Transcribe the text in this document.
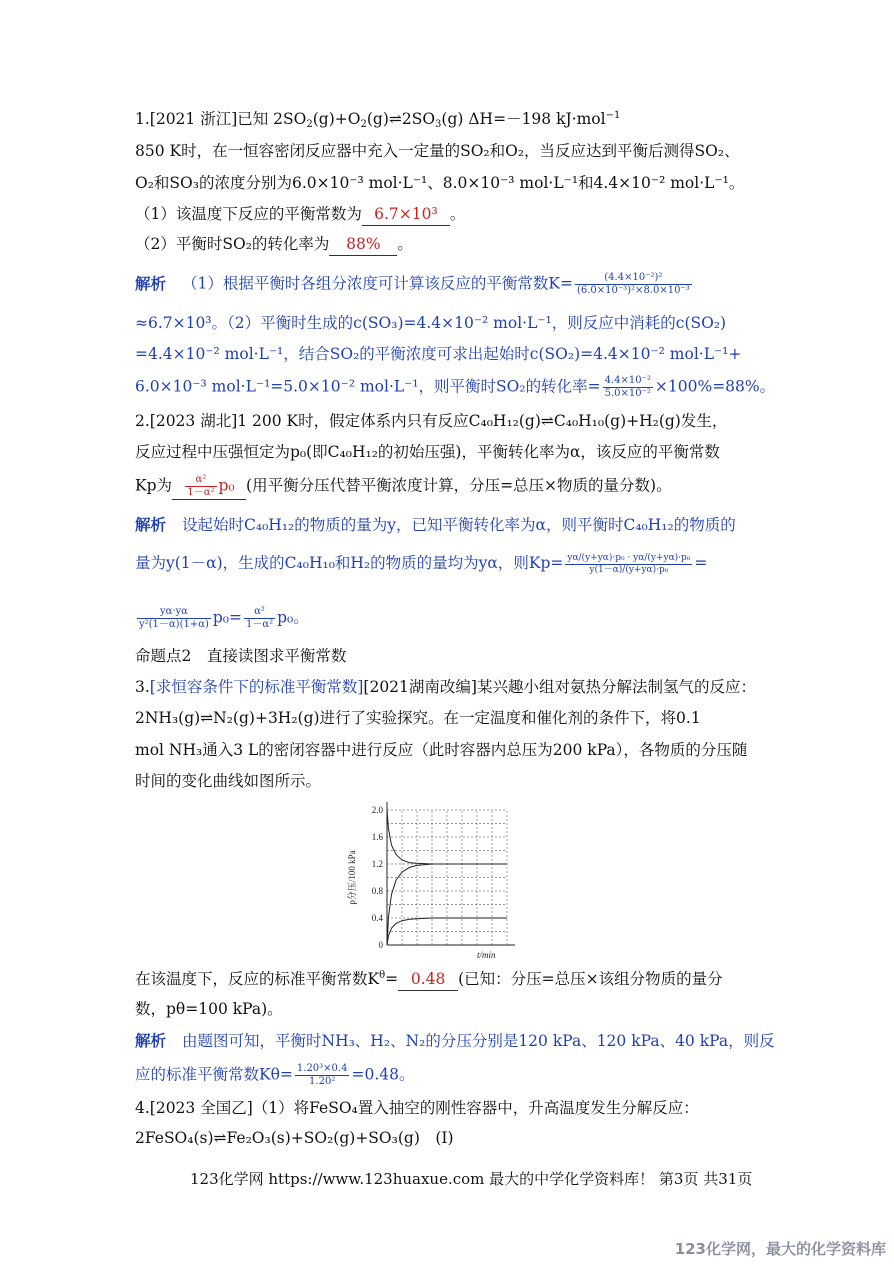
1.[2021 浙江]已知 $2SO_2(g)+O_2(g)\rightleftharpoons 2SO_3(g)$ ΔH=－198 kJ·mol$^{-1}$
850 K时，在一恒容密闭反应器中充入一定量的SO₂和O₂，当反应达到平衡后测得SO₂、
O₂和SO₃的浓度分别为6.0×10⁻³ mol·L⁻¹、8.0×10⁻³ mol·L⁻¹和4.4×10⁻² mol·L⁻¹。
（1）该温度下反应的平衡常数为 6.7×10³ 。
（2）平衡时SO₂的转化率为 88% 。
解析 （1）根据平衡时各组分浓度可计算该反应的平衡常数$K= \frac{\text{(4.4×10⁻²)²}}{\text{(6.0×10⁻³)²×8.0×10⁻³}}$
≈6.7×10³。（2）平衡时生成的c(SO₃)=4.4×10⁻² mol·L⁻¹，则反应中消耗的c(SO₂)
=4.4×10⁻² mol·L⁻¹，结合SO₂的平衡浓度可求出起始时c(SO₂)=4.4×10⁻² mol·L⁻¹+
6.0×10⁻³ mol·L⁻¹=5.0×10⁻² mol·L⁻¹，则平衡时SO₂的转化率= $\frac{\text{4.4×10⁻²}}{\text{5.0×10⁻²}} \times 100\%=88\%$。
2.[2023 湖北]1 200 K时，假定体系内只有反应C₄₀H₁₂(g)⇌C₄₀H₁₀(g)+H₂(g)发生，
反应过程中压强恒定为p₀(即C₄₀H₁₂的初始压强)，平衡转化率为α，该反应的平衡常数
Kp为 $\frac{\text{α²}}{\text{1－α²}} p_0$ (用平衡分压代替平衡浓度计算，分压=总压×物质的量分数)。
解析 设起始时C₄₀H₁₂的物质的量为y，已知平衡转化率为α，则平衡时C₄₀H₁₂的物质的
量为y(1－α)，生成的C₄₀H₁₀和H₂的物质的量均为yα，则$Kp= \frac{\text{yα/(y+yα)·p₀ · yα/(y+yα)·p₀}}{\text{y(1－α)/(y+yα)·p₀}}$ =
$\frac{y\alpha\cdot y\alpha}{\text{y²(1－α)(1+α)}} p_0= \frac{\text{α²}}{\text{1－α²}} p_0$。
命题点2　直接读图求平衡常数
3.[求恒容条件下的标准平衡常数][2021湖南改编]某兴趣小组对氨热分解法制氢气的反应：
2NH₃(g)⇌N₂(g)+3H₂(g)进行了实验探究。在一定温度和催化剂的条件下，将0.1
mol NH₃通入3 L的密闭容器中进行反应（此时容器内总压为200 kPa），各物质的分压随
时间的变化曲线如图所示。
0
0.4
0.8
1.2
1.6
2.0
t/min
p分压/100 kPa
在该温度下，反应的标准平衡常数$K^\theta= 0.48$ (已知：分压=总压×该组分物质的量分
数，pθ=100 kPa)。
解析 由题图可知，平衡时NH₃、H₂、N₂的分压分别是120 kPa、120 kPa、40 kPa，则反
应的标准平衡常数$K\theta= \frac{\text{1.20³×0.4}}{\text{1.20²}} =0.48$。
4.[2023 全国乙]（1）将FeSO₄置入抽空的刚性容器中，升高温度发生分解反应：
2FeSO₄(s)⇌Fe₂O₃(s)+SO₂(g)+SO₃(g)　(Ⅰ)
123化学网 https://www.123huaxue.com 最大的中学化学资料库！ 第3页 共31页
123化学网，最大的化学资料库
